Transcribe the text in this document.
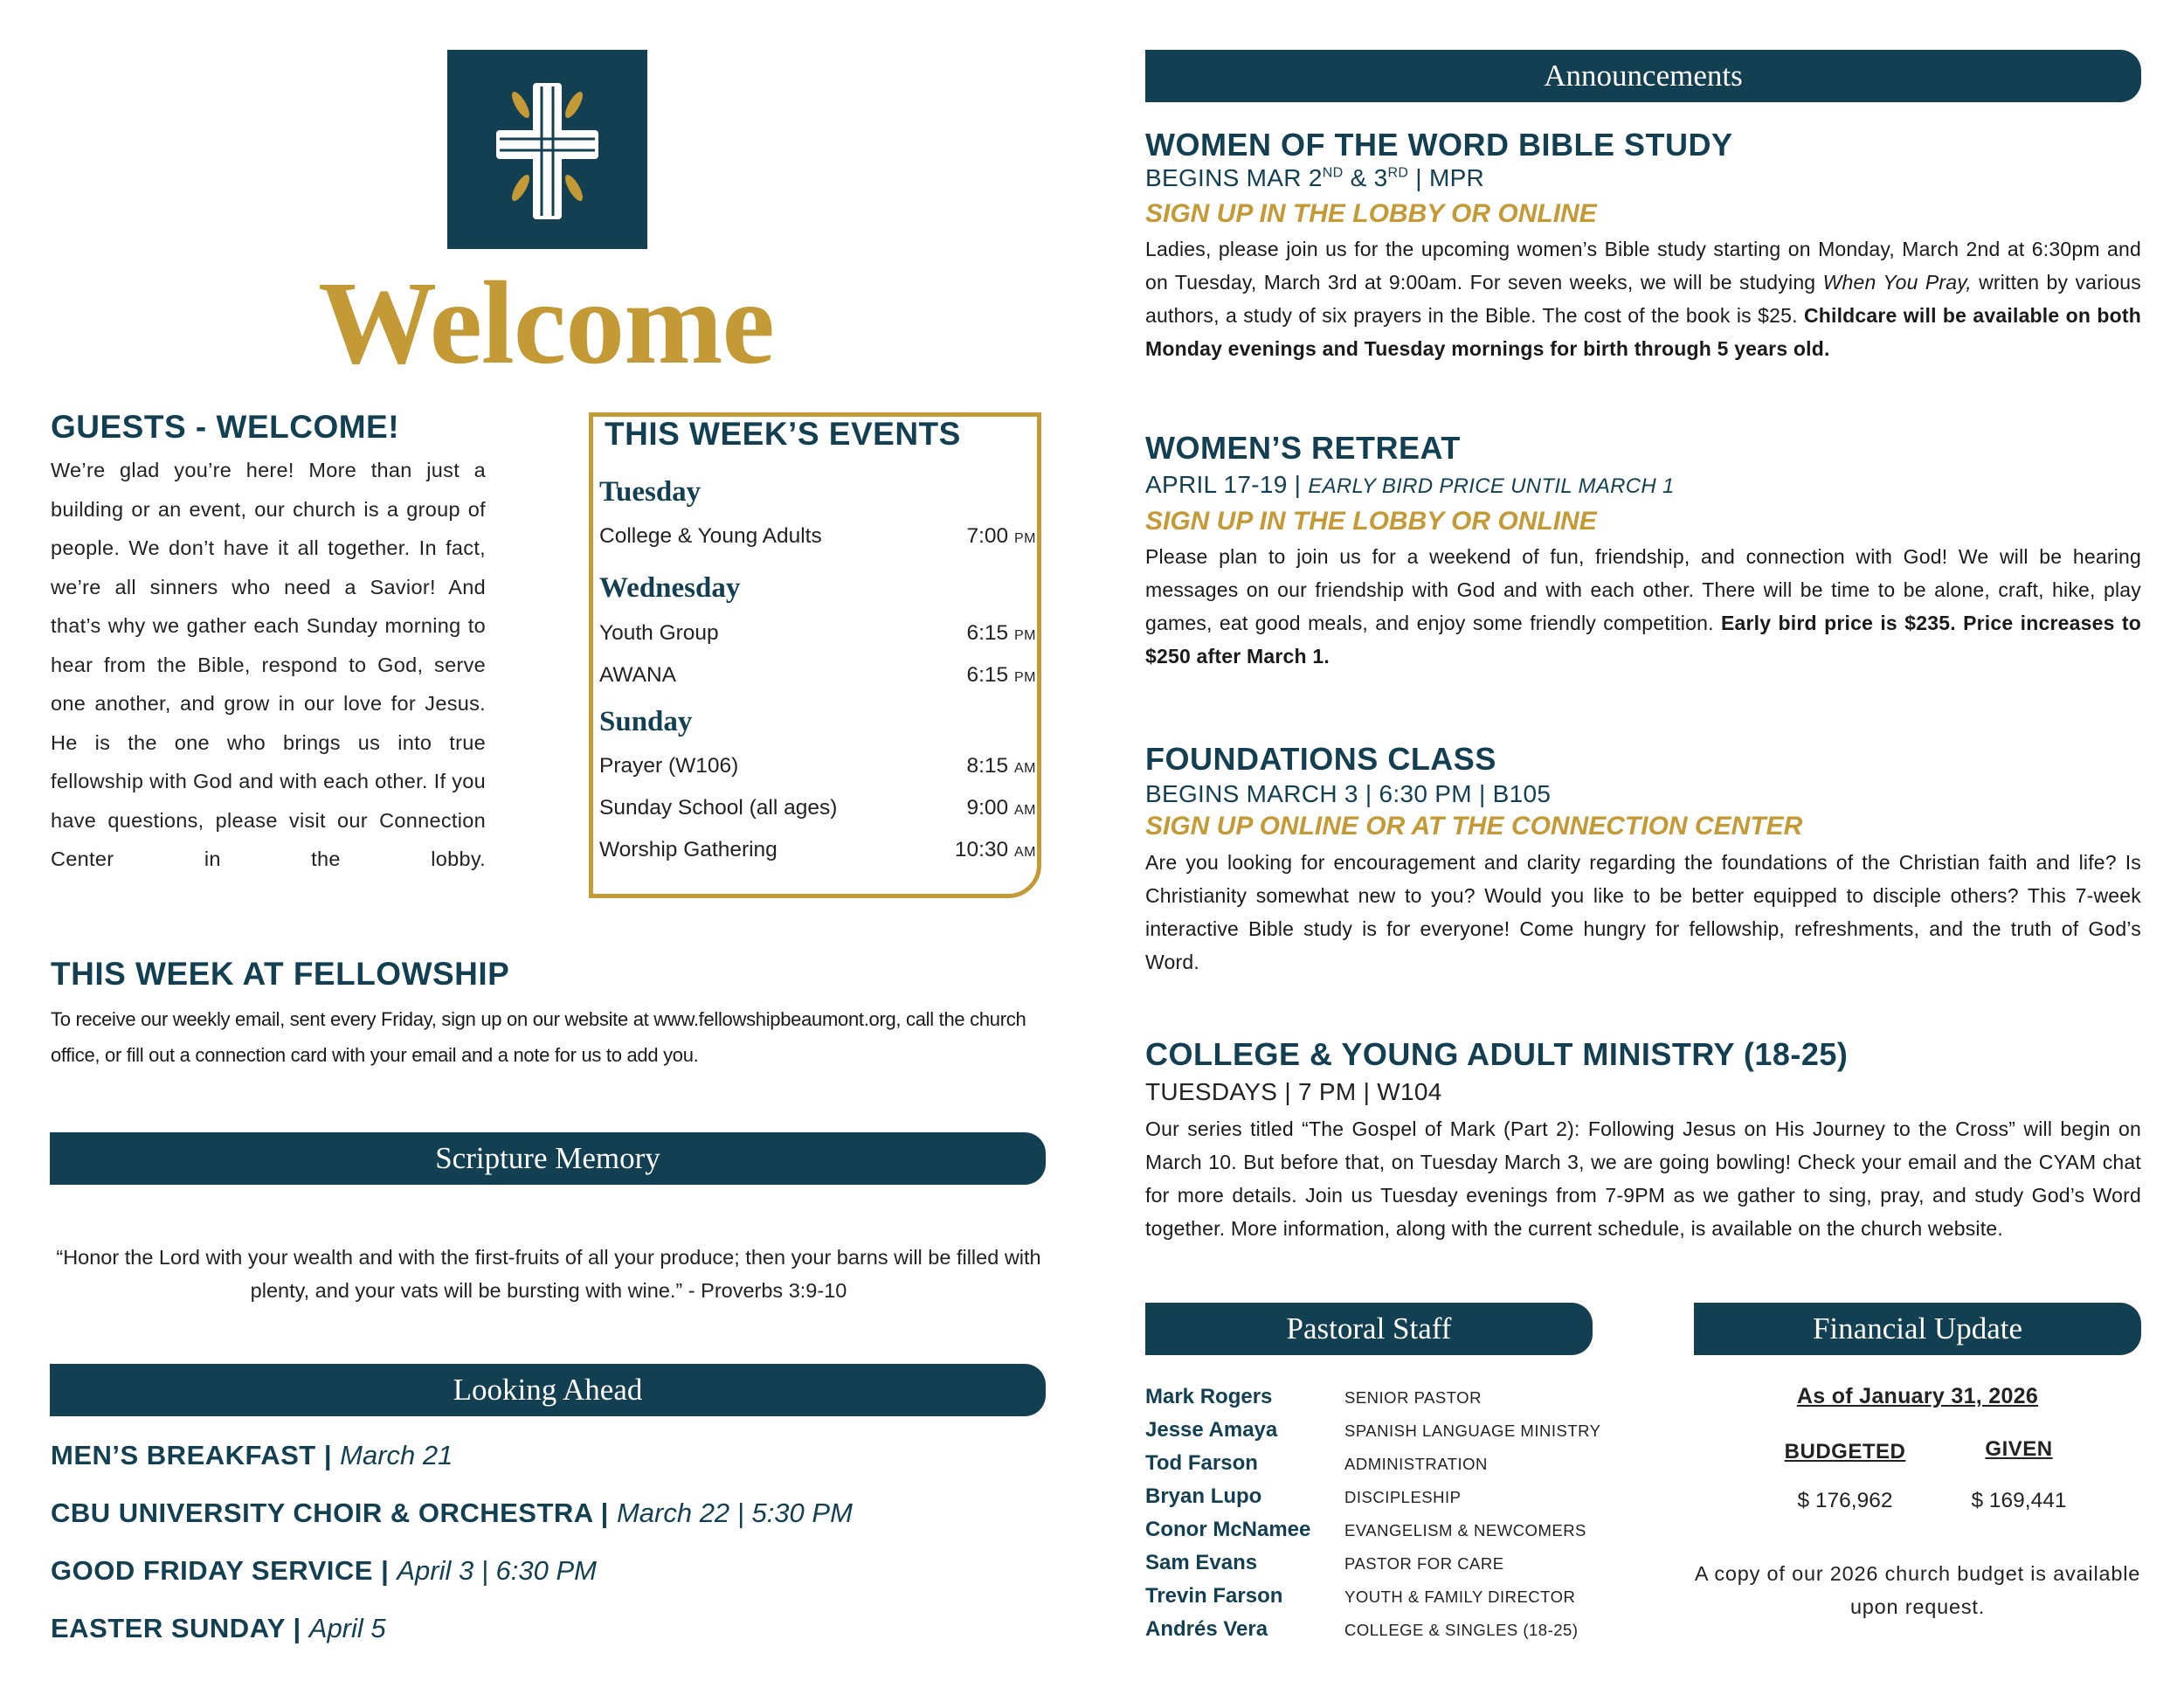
Welcome
GUESTS - WELCOME!
We’re glad you’re here! More than just a building or an event, our church is a group of people. We don’t have it all together. In fact, we’re all sinners who need a Savior! And that’s why we gather each Sunday morning to hear from the Bible, respond to God, serve one another, and grow in our love for Jesus. He is the one who brings us into true fellowship with God and with each other. If you have questions, please visit our Connection Center in the lobby.
THIS WEEK’S EVENTS
Tuesday
College & Young Adults	7:00 PM
Wednesday
Youth Group	6:15 PM
AWANA	6:15 PM
Sunday
Prayer (W106)	8:15 AM
Sunday School (all ages)	9:00 AM
Worship Gathering	10:30 AM
THIS WEEK AT FELLOWSHIP
To receive our weekly email, sent every Friday, sign up on our website at www.fellowshipbeaumont.org, call the church office, or fill out a connection card with your email and a note for us to add you.
Scripture Memory
“Honor the Lord with your wealth and with the first-fruits of all your produce; then your barns will be filled with plenty, and your vats will be bursting with wine.” - Proverbs 3:9-10
Looking Ahead
MEN’S BREAKFAST | March 21
CBU UNIVERSITY CHOIR & ORCHESTRA | March 22 | 5:30 PM
GOOD FRIDAY SERVICE | April 3 | 6:30 PM
EASTER SUNDAY | April 5
Announcements
WOMEN OF THE WORD BIBLE STUDY
BEGINS MAR 2ND & 3RD | MPR
SIGN UP IN THE LOBBY OR ONLINE
Ladies, please join us for the upcoming women’s Bible study starting on Monday, March 2nd at 6:30pm and on Tuesday, March 3rd at 9:00am. For seven weeks, we will be studying When You Pray, written by various authors, a study of six prayers in the Bible. The cost of the book is $25. Childcare will be available on both Monday evenings and Tuesday mornings for birth through 5 years old.
WOMEN’S RETREAT
APRIL 17-19 | EARLY BIRD PRICE UNTIL MARCH 1
SIGN UP IN THE LOBBY OR ONLINE
Please plan to join us for a weekend of fun, friendship, and connection with God! We will be hearing messages on our friendship with God and with each other. There will be time to be alone, craft, hike, play games, eat good meals, and enjoy some friendly competition. Early bird price is $235. Price increases to $250 after March 1.
FOUNDATIONS CLASS
BEGINS MARCH 3 | 6:30 PM | B105
SIGN UP ONLINE OR AT THE CONNECTION CENTER
Are you looking for encouragement and clarity regarding the foundations of the Christian faith and life? Is Christianity somewhat new to you? Would you like to be better equipped to disciple others? This 7-week interactive Bible study is for everyone! Come hungry for fellowship, refreshments, and the truth of God’s Word.
COLLEGE & YOUNG ADULT MINISTRY (18-25)
TUESDAYS | 7 PM | W104
Our series titled “The Gospel of Mark (Part 2): Following Jesus on His Journey to the Cross” will begin on March 10. But before that, on Tuesday March 3, we are going bowling! Check your email and the CYAM chat for more details. Join us Tuesday evenings from 7-9PM as we gather to sing, pray, and study God’s Word together. More information, along with the current schedule, is available on the church website.
Pastoral Staff
Mark Rogers	SENIOR PASTOR
Jesse Amaya	SPANISH LANGUAGE MINISTRY
Tod Farson	ADMINISTRATION
Bryan Lupo	DISCIPLESHIP
Conor McNamee EVANGELISM & NEWCOMERS
Sam Evans	PASTOR FOR CARE
Trevin Farson	YOUTH & FAMILY DIRECTOR
Andrés Vera	COLLEGE & SINGLES (18-25)
Financial Update
As of January 31, 2026
BUDGETED	GIVEN
$ 176,962	$ 169,441
A copy of our 2026 church budget is available upon request.
